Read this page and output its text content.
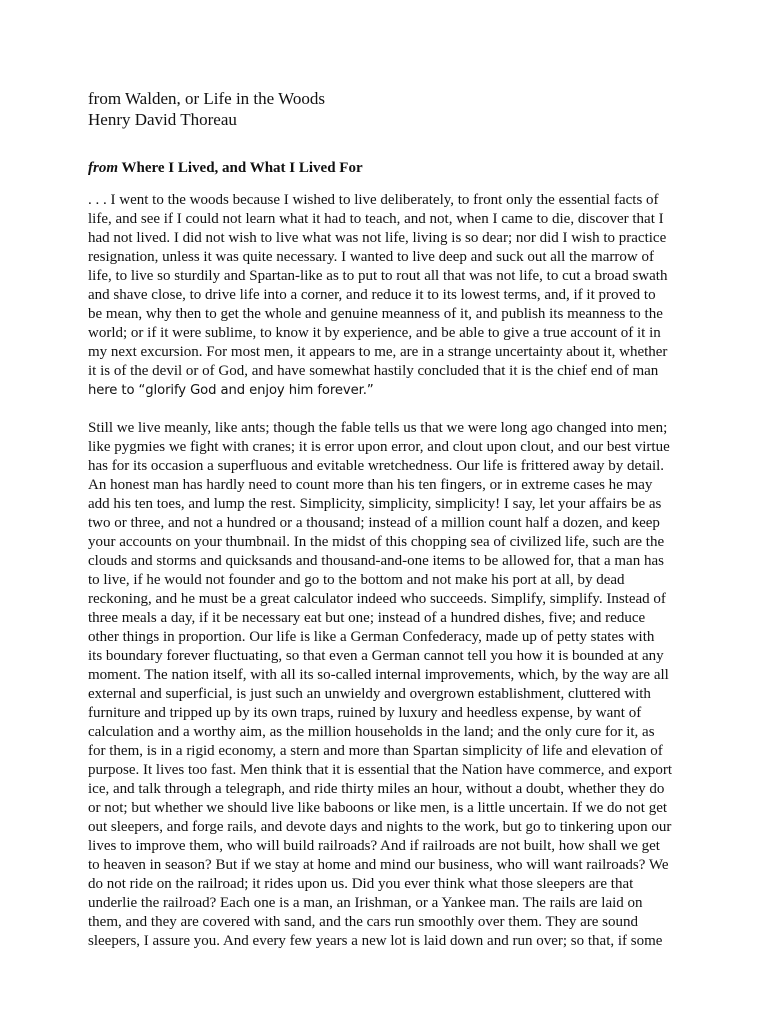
from Walden, or Life in the Woods
Henry David Thoreau
from Where I Lived, and What I Lived For
. . . I went to the woods because I wished to live deliberately, to front only the essential facts of
life, and see if I could not learn what it had to teach, and not, when I came to die, discover that I
had not lived. I did not wish to live what was not life, living is so dear; nor did I wish to practice
resignation, unless it was quite necessary. I wanted to live deep and suck out all the marrow of
life, to live so sturdily and Spartan-like as to put to rout all that was not life, to cut a broad swath
and shave close, to drive life into a corner, and reduce it to its lowest terms, and, if it proved to
be mean, why then to get the whole and genuine meanness of it, and publish its meanness to the
world; or if it were sublime, to know it by experience, and be able to give a true account of it in
my next excursion. For most men, it appears to me, are in a strange uncertainty about it, whether
it is of the devil or of God, and have somewhat hastily concluded that it is the chief end of man
here to “glorify God and enjoy him forever.”
Still we live meanly, like ants; though the fable tells us that we were long ago changed into men;
like pygmies we fight with cranes; it is error upon error, and clout upon clout, and our best virtue
has for its occasion a superfluous and evitable wretchedness. Our life is frittered away by detail.
An honest man has hardly need to count more than his ten fingers, or in extreme cases he may
add his ten toes, and lump the rest. Simplicity, simplicity, simplicity! I say, let your affairs be as
two or three, and not a hundred or a thousand; instead of a million count half a dozen, and keep
your accounts on your thumbnail. In the midst of this chopping sea of civilized life, such are the
clouds and storms and quicksands and thousand-and-one items to be allowed for, that a man has
to live, if he would not founder and go to the bottom and not make his port at all, by dead
reckoning, and he must be a great calculator indeed who succeeds. Simplify, simplify. Instead of
three meals a day, if it be necessary eat but one; instead of a hundred dishes, five; and reduce
other things in proportion. Our life is like a German Confederacy, made up of petty states with
its boundary forever fluctuating, so that even a German cannot tell you how it is bounded at any
moment. The nation itself, with all its so-called internal improvements, which, by the way are all
external and superficial, is just such an unwieldy and overgrown establishment, cluttered with
furniture and tripped up by its own traps, ruined by luxury and heedless expense, by want of
calculation and a worthy aim, as the million households in the land; and the only cure for it, as
for them, is in a rigid economy, a stern and more than Spartan simplicity of life and elevation of
purpose. It lives too fast. Men think that it is essential that the Nation have commerce, and export
ice, and talk through a telegraph, and ride thirty miles an hour, without a doubt, whether they do
or not; but whether we should live like baboons or like men, is a little uncertain. If we do not get
out sleepers, and forge rails, and devote days and nights to the work, but go to tinkering upon our
lives to improve them, who will build railroads? And if railroads are not built, how shall we get
to heaven in season? But if we stay at home and mind our business, who will want railroads? We
do not ride on the railroad; it rides upon us. Did you ever think what those sleepers are that
underlie the railroad? Each one is a man, an Irishman, or a Yankee man. The rails are laid on
them, and they are covered with sand, and the cars run smoothly over them. They are sound
sleepers, I assure you. And every few years a new lot is laid down and run over; so that, if some
